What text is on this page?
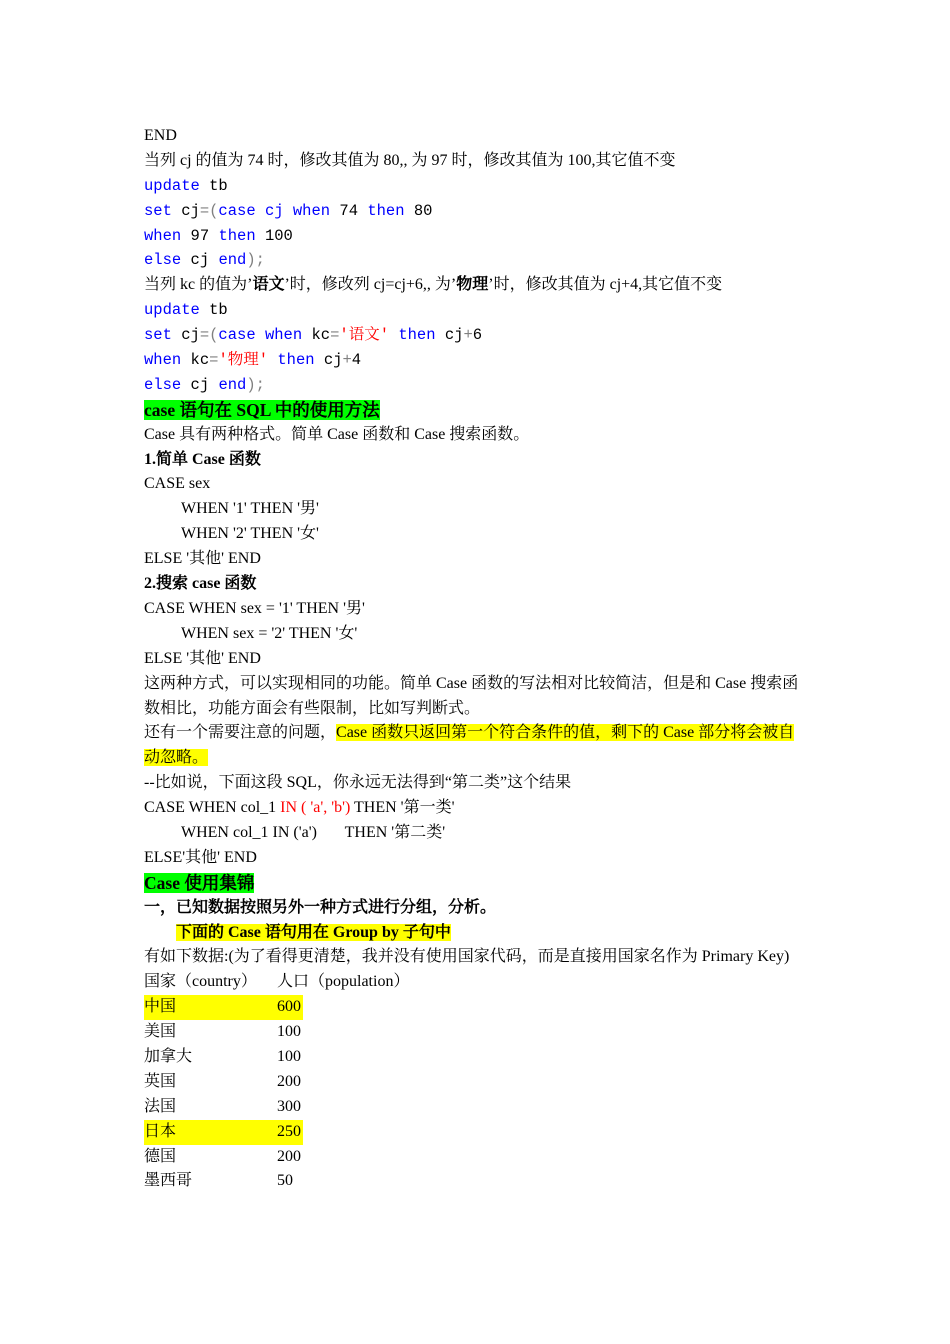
END
当列 cj 的值为 74 时，修改其值为 80,, 为 97 时，修改其值为 100,其它值不变
update tb
set cj=(case cj when 74 then 80
when 97 then 100
else cj end);
当列 kc 的值为’语文’时，修改列 cj=cj+6,, 为’物理’时，修改其值为 cj+4,其它值不变
update tb
set cj=(case when kc='语文' then cj+6
when kc='物理' then cj+4
else cj end);
case 语句在 SQL 中的使用方法
Case 具有两种格式。简单 Case 函数和 Case 搜索函数。
1.简单 Case 函数
CASE sex
WHEN '1' THEN '男'
WHEN '2' THEN '女'
ELSE '其他' END
2.搜索 case 函数
CASE WHEN sex = '1' THEN '男'
WHEN sex = '2' THEN '女'
ELSE '其他' END
这两种方式，可以实现相同的功能。简单 Case 函数的写法相对比较简洁，但是和 Case 搜索函数相比，功能方面会有些限制，比如写判断式。
还有一个需要注意的问题，Case 函数只返回第一个符合条件的值，剩下的 Case 部分将会被自动忽略。
--比如说，下面这段 SQL，你永远无法得到“第二类”这个结果
CASE WHEN col_1 IN ( 'a', 'b') THEN '第一类'
WHEN col_1 IN ('a')       THEN '第二类'
ELSE'其他' END
Case 使用集锦
一，已知数据按照另外一种方式进行分组，分析。
下面的 Case 语句用在 Group by 子句中
有如下数据:(为了看得更清楚，我并没有使用国家代码，而是直接用国家名作为 Primary Key)
国家（country） 人口（population）
中国	600
美国	100
加拿大	100
英国	200
法国	300
日本	250
德国	200
墨西哥	50
